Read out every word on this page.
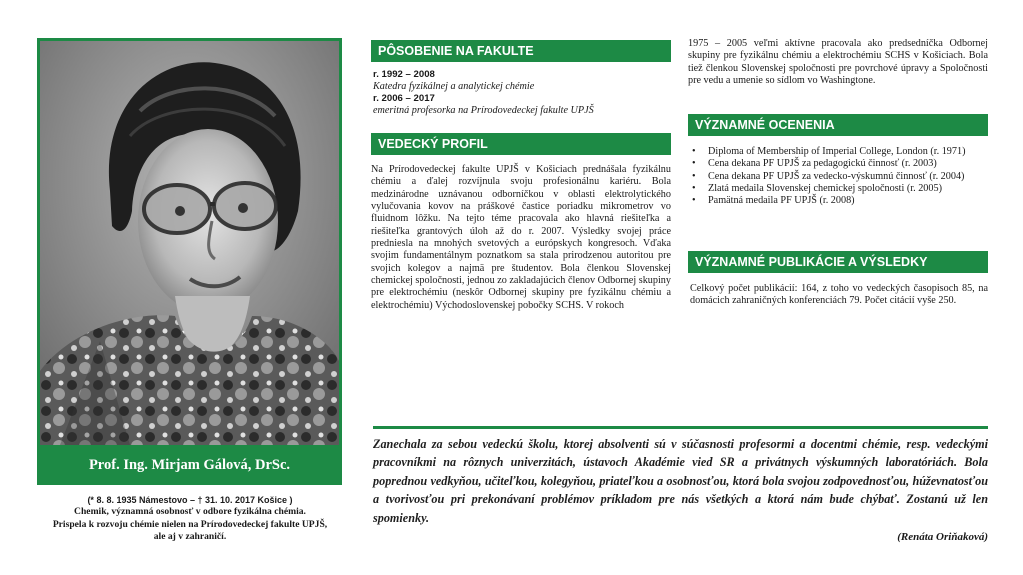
Prof. Ing. Mirjam Gálová, DrSc.
(* 8. 8. 1935 Námestovo – † 31. 10. 2017 Košice )
Chemik, významná osobnosť v odbore fyzikálna chémia.
Prispela k rozvoju chémie nielen na Prírodovedeckej fakulte UPJŠ,
ale aj v zahraničí.
PÔSOBENIE NA FAKULTE
r. 1992 – 2008
Katedra fyzikálnej a analytickej chémie
r. 2006 – 2017
emeritná profesorka na Prírodovedeckej fakulte UPJŠ
VEDECKÝ PROFIL
Na Prírodovedeckej fakulte UPJŠ v Košiciach prednášala fyzikálnu chémiu a ďalej rozvíjnula svoju profesionálnu kariéru. Bola medzinárodne uznávanou odborníčkou v oblasti elektrolytického vylučovania kovov na práškové častice poriadku mikrometrov vo fluidnom lôžku. Na tejto téme pracovala ako hlavná riešiteľka a riešiteľka grantových úloh až do r. 2007. Výsledky svojej práce predniesla na mnohých svetových a európskych kongresoch. Vďaka svojim fundamentálnym poznatkom sa stala prirodzenou autoritou pre svojich kolegov a najmä pre študentov. Bola členkou Slovenskej chemickej spoločnosti, jednou zo zakladajúcich členov Odbornej skupiny pre elektrochémiu (neskôr Odbornej skupiny pre fyzikálnu chémiu a elektrochémiu) Východoslovenskej pobočky SCHS. V rokoch
1975 – 2005 veľmi aktívne pracovala ako predsedníčka Odbornej skupiny pre fyzikálnu chémiu a elektrochémiu SCHS v Košiciach. Bola tiež členkou Slovenskej spoločnosti pre povrchové úpravy a Spoločnosti pre vedu a umenie so sídlom vo Washingtone.
VÝZNAMNÉ OCENENIA
• Diploma of Membership of Imperial College, London (r. 1971)
• Cena dekana PF UPJŠ za pedagogickú činnosť (r. 2003)
• Cena dekana PF UPJŠ za vedecko-výskumnú činnosť (r. 2004)
• Zlatá medaila Slovenskej chemickej spoločnosti (r. 2005)
• Pamätná medaila PF UPJŠ (r. 2008)
VÝZNAMNÉ PUBLIKÁCIE A VÝSLEDKY
Celkový počet publikácií: 164, z toho vo vedeckých časopisoch 85, na domácich zahraničných konferenciách 79. Počet citácií vyše 250.
Zanechala za sebou vedeckú školu, ktorej absolventi sú v súčasnosti profesormi a docentmi chémie, resp. vedeckými pracovníkmi na rôznych univerzitách, ústavoch Akadémie vied SR a privátnych výskumných laboratóriách. Bola poprednou vedkyňou, učiteľkou, kolegyňou, priateľkou a osobnosťou, ktorá bola svojou zodpovednosťou, húževnatosťou a tvorivosťou pri prekonávaní problémov príkladom pre nás všetkých a ktorá nám bude chýbať. Zostanú už len spomienky.
(Renáta Oriňaková)
